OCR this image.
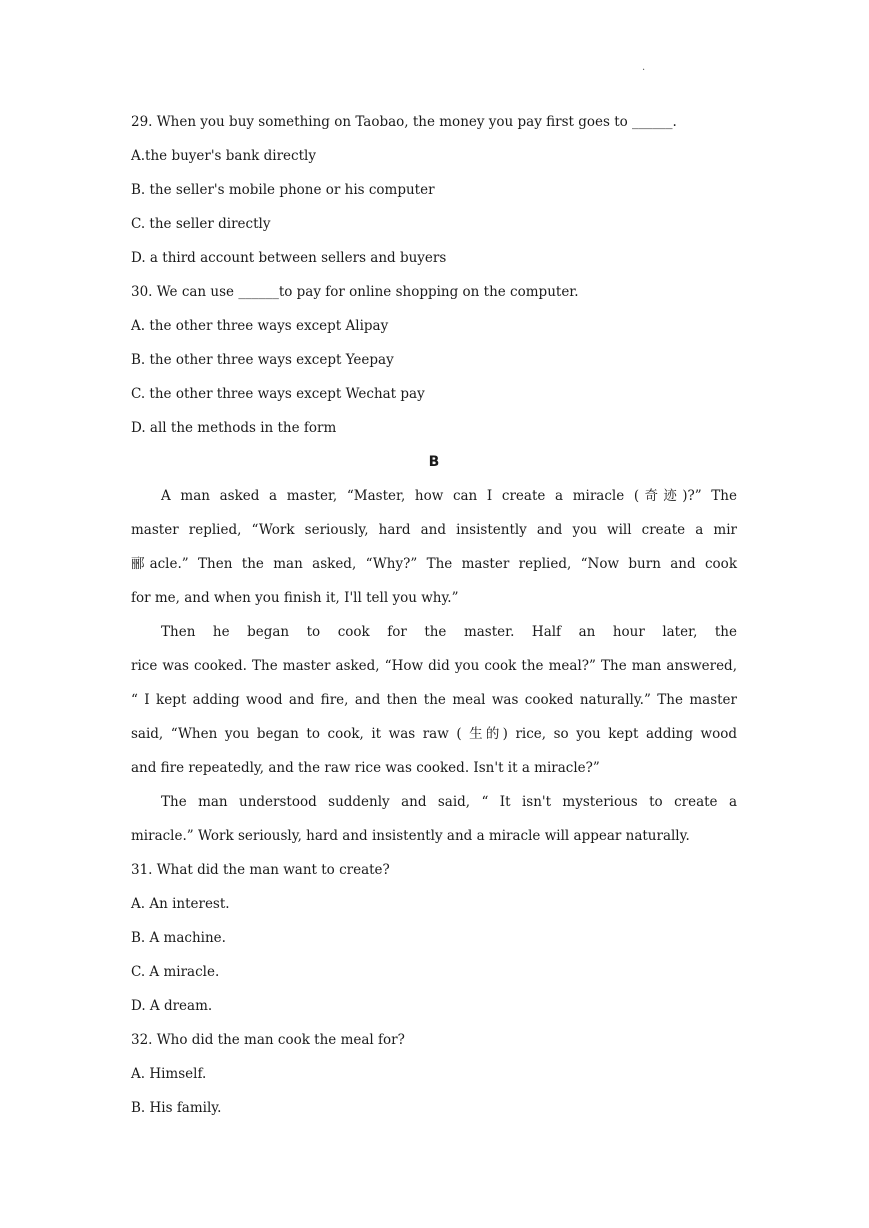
.
29. When you buy something on Taobao, the money you pay first goes to ______.
A.the buyer's bank directly
B. the seller's mobile phone or his computer
C. the seller directly
D. a third account between sellers and buyers
30. We can use ______to pay for online shopping on the computer.
A. the other three ways except Alipay
B. the other three ways except Yeepay
C. the other three ways except Wechat pay
D. all the methods in the form
B
A man asked a master, “Master, how can I create a miracle (奇迹)?” The
master replied, “Work seriously, hard and insistently and you will create a mir
郦acle.” Then the man asked, “Why?” The master replied, “Now burn and cook
for me, and when you finish it, I'll tell you why.”
Then he began to cook for the master. Half an hour later, the
rice was cooked. The master asked, “How did you cook the meal?” The man answered,
“ I kept adding wood and fire, and then the meal was cooked naturally.” The master
said, “When you began to cook, it was raw ( 生的) rice, so you kept adding wood
and fire repeatedly, and the raw rice was cooked. Isn't it a miracle?”
The man understood suddenly and said, “ It isn't mysterious to create a
miracle.” Work seriously, hard and insistently and a miracle will appear naturally.
31. What did the man want to create?
A. An interest.
B. A machine.
C. A miracle.
D. A dream.
32. Who did the man cook the meal for?
A. Himself.
B. His family.
